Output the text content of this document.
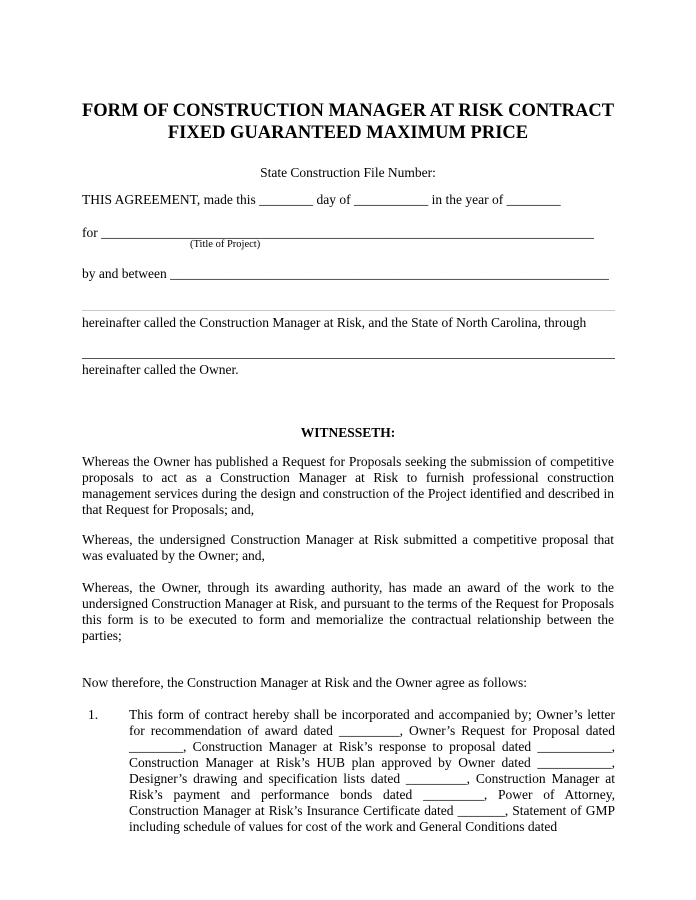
FORM OF CONSTRUCTION MANAGER AT RISK CONTRACT
FIXED GUARANTEED MAXIMUM PRICE
State Construction File Number:
THIS AGREEMENT, made this ________ day of ___________ in the year of ________
for _________________________________________________________________________
(Title of Project)
by and between _________________________________________________________________
hereinafter called the Construction Manager at Risk, and the State of North Carolina, through
hereinafter called the Owner.
WITNESSETH:
Whereas the Owner has published a Request for Proposals seeking the submission of competitive proposals to act as a Construction Manager at Risk to furnish professional construction management services during the design and construction of the Project identified and described in that Request for Proposals; and,
Whereas, the undersigned Construction Manager at Risk submitted a competitive proposal that was evaluated by the Owner; and,
Whereas, the Owner, through its awarding authority, has made an award of the work to the undersigned Construction Manager at Risk, and pursuant to the terms of the Request for Proposals this form is to be executed to form and memorialize the contractual relationship between the parties;
Now therefore, the Construction Manager at Risk and the Owner agree as follows:
1. This form of contract hereby shall be incorporated and accompanied by; Owner’s letter for recommendation of award dated _________, Owner’s Request for Proposal dated ________, Construction Manager at Risk’s response to proposal dated ___________, Construction Manager at Risk’s HUB plan approved by Owner dated ___________, Designer’s drawing and specification lists dated _________, Construction Manager at Risk’s payment and performance bonds dated _________, Power of Attorney, Construction Manager at Risk’s Insurance Certificate dated _______, Statement of GMP including schedule of values for cost of the work and General Conditions dated
